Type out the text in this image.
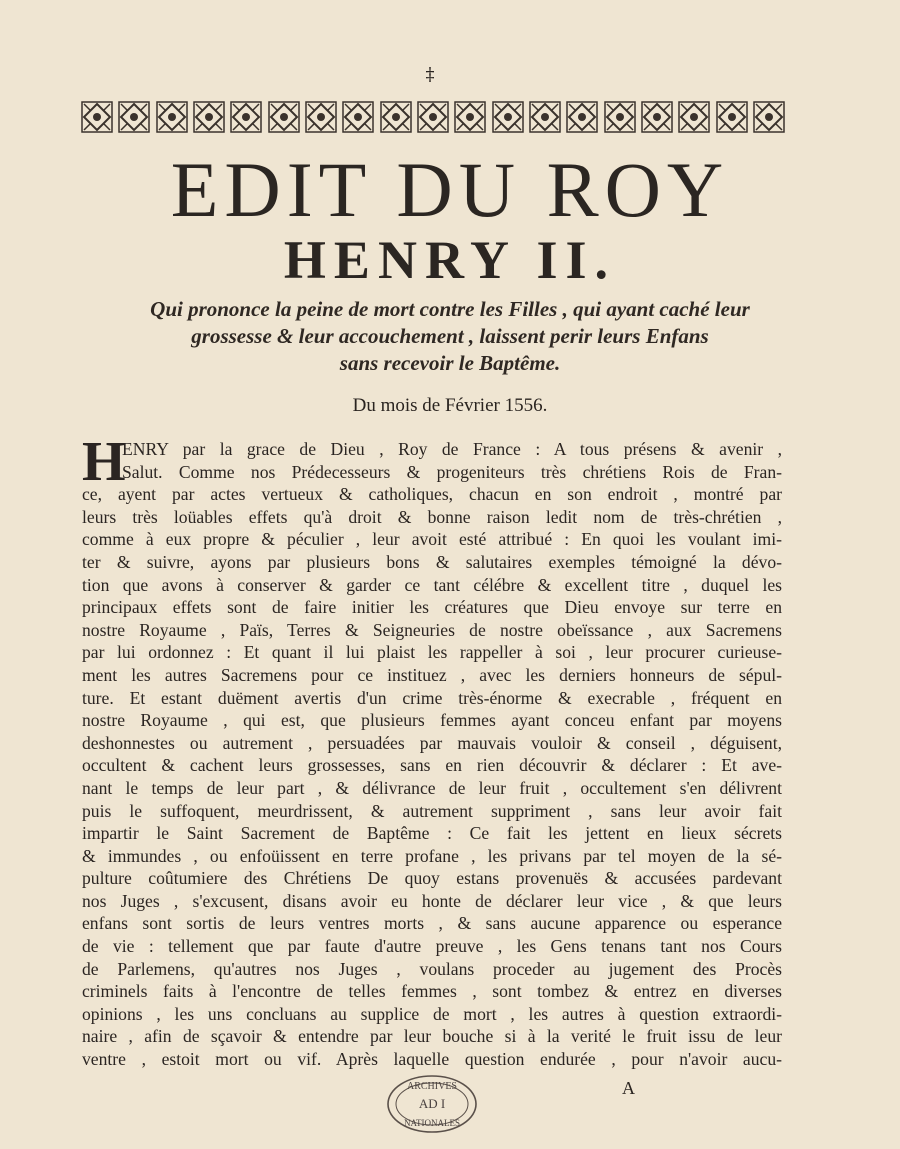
‡
EDIT DU ROY
HENRY II.
Qui prononce la peine de mort contre les Filles , qui ayant caché leur
grossesse & leur accouchement , laissent perir leurs Enfans
sans recevoir le Baptême.
Du mois de Février 1556.
H
ENRY par la grace de Dieu , Roy de France : A tous présens & avenir ,
Salut. Comme nos Prédecesseurs & progeniteurs très chrétiens Rois de Fran-
ce, ayent par actes vertueux & catholiques, chacun en son endroit , montré par
leurs très loüables effets qu'à droit & bonne raison ledit nom de très-chrétien ,
comme à eux propre & péculier , leur avoit esté attribué : En quoi les voulant imi-
ter & suivre, ayons par plusieurs bons & salutaires exemples témoigné la dévo-
tion que avons à conserver & garder ce tant célébre & excellent titre , duquel les
principaux effets sont de faire initier les créatures que Dieu envoye sur terre en
nostre Royaume , Païs, Terres & Seigneuries de nostre obeïssance , aux Sacremens
par lui ordonnez : Et quant il lui plaist les rappeller à soi , leur procurer curieuse-
ment les autres Sacremens pour ce instituez , avec les derniers honneurs de sépul-
ture. Et estant duëment avertis d'un crime très-énorme & execrable , fréquent en
nostre Royaume , qui est, que plusieurs femmes ayant conceu enfant par moyens
deshonnestes ou autrement , persuadées par mauvais vouloir & conseil , déguisent,
occultent & cachent leurs grossesses, sans en rien découvrir & déclarer : Et ave-
nant le temps de leur part , & délivrance de leur fruit , occultement s'en délivrent
puis le suffoquent, meurdrissent, & autrement suppriment , sans leur avoir fait
impartir le Saint Sacrement de Baptême : Ce fait les jettent en lieux sécrets
& immundes , ou enfoüissent en terre profane , les privans par tel moyen de la sé-
pulture coûtumiere des Chrétiens De quoy estans provenuës & accusées pardevant
nos Juges , s'excusent, disans avoir eu honte de déclarer leur vice , & que leurs
enfans sont sortis de leurs ventres morts , & sans aucune apparence ou esperance
de vie : tellement que par faute d'autre preuve , les Gens tenans tant nos Cours
de Parlemens, qu'autres nos Juges , voulans proceder au jugement des Procès
criminels faits à l'encontre de telles femmes , sont tombez & entrez en diverses
opinions , les uns concluans au supplice de mort , les autres à question extraordi-
naire , afin de sçavoir & entendre par leur bouche si à la verité le fruit issu de leur
ventre , estoit mort ou vif. Après laquelle question endurée , pour n'avoir aucu-
ARCHIVES
AD I
NATIONALES
A
